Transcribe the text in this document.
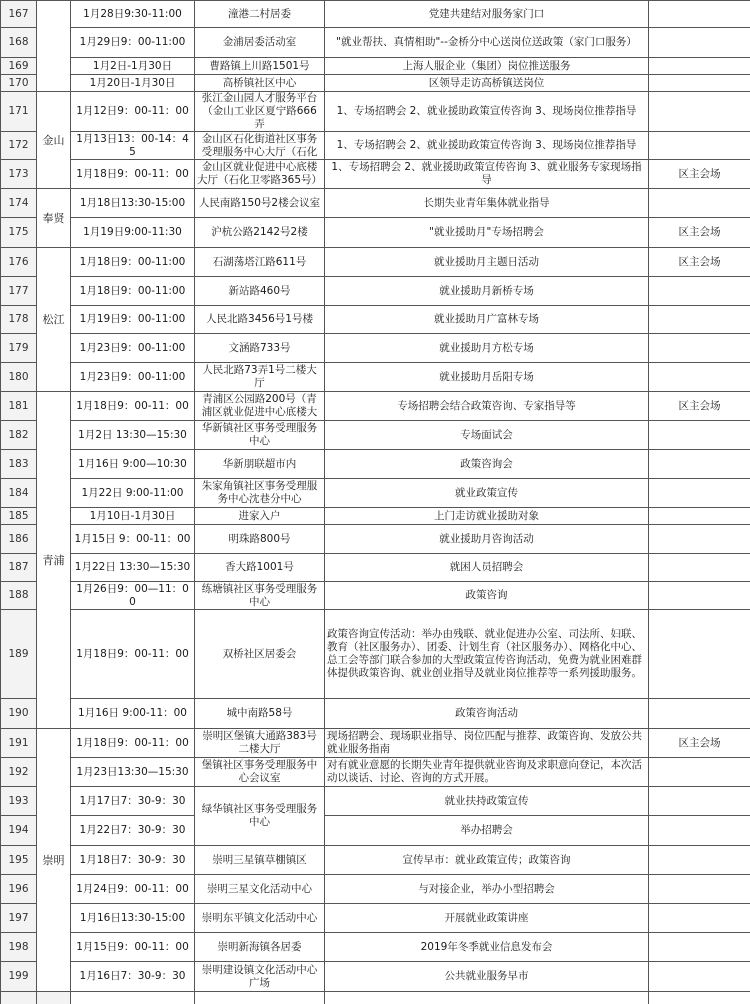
167		1月28日9:30-11:00	潼港二村居委	党建共建结对服务家门口	
168		1月29日9：00-11:00	金浦居委活动室	"就业帮扶、真情相助"--金桥分中心送岗位送政策（家门口服务）	
169		1月2日-1月30日	曹路镇上川路1501号	上海人服企业（集团）岗位推送服务	
170		1月20日-1月30日	高桥镇社区中心	区领导走访高桥镇送岗位	
171	金山	1月12日9：00-11：00	张江金山园人才服务平台（金山工业区夏宁路666弄	1、专场招聘会 2、就业援助政策宣传咨询 3、现场岗位推荐指导	
172		1月13日13：00-14：45	金山区石化街道社区事务受理服务中心大厅（石化	1、专场招聘会 2、就业援助政策宣传咨询 3、现场岗位推荐指导	
173		1月18日9：00-11：00	金山区就业促进中心底楼大厅（石化卫零路365号）	1、专场招聘会 2、就业援助政策宣传咨询 3、就业服务专家现场指导	区主会场
174	奉贤	1月18日13:30-15:00	人民南路150号2楼会议室	长期失业青年集体就业指导	
175		1月19日9:00-11:30	沪杭公路2142号2楼	"就业援助月"专场招聘会	区主会场
176	松江	1月18日9：00-11:00	石湖荡塔江路611号	就业援助月主题日活动	区主会场
177		1月18日9：00-11:00	新站路460号	就业援助月新桥专场	
178		1月19日9：00-11:00	人民北路3456号1号楼	就业援助月广富林专场	
179		1月23日9：00-11:00	文涵路733号	就业援助月方松专场	
180		1月23日9：00-11:00	人民北路73弄1号二楼大厅	就业援助月岳阳专场	
181	青浦	1月18日9：00-11：00	青浦区公园路200号（青浦区就业促进中心底楼大	专场招聘会结合政策咨询、专家指导等	区主会场
182		1月2日 13:30—15:30	华新镇社区事务受理服务中心	专场面试会	
183		1月16日 9:00—10:30	华新朋联超市内	政策咨询会	
184		1月22日 9:00-11:00	朱家角镇社区事务受理服务中心沈巷分中心	就业政策宣传	
185		1月10日-1月30日	进家入户	上门走访就业援助对象	
186		1月15日 9：00-11：00	明珠路800号	就业援助月咨询活动	
187		1月22日 13:30—15:30	香大路1001号	就困人员招聘会	
188		1月26日9：00—11：00	练塘镇社区事务受理服务中心	政策咨询	
189		1月18日9：00-11：00	双桥社区居委会	政策咨询宣传活动：举办由残联、就业促进办公室、司法所、妇联、教育（社区服务办）、团委、计划生育（社区服务办）、网格化中心、总工会等部门联合参加的大型政策宣传咨询活动，免费为就业困难群体提供政策咨询、就业创业指导及就业岗位推荐等一系列援助服务。	
190		1月16日 9:00-11：00	城中南路58号	政策咨询活动	
191	崇明	1月18日9：00-11：00	崇明区堡镇大通路383号二楼大厅	现场招聘会、现场职业指导、岗位匹配与推荐、政策咨询、发放公共就业服务指南	区主会场
192		1月23日13:30—15:30	堡镇社区事务受理服务中心会议室	对有就业意愿的长期失业青年提供就业咨询及求职意向登记，本次活动以谈话、讨论、咨询的方式开展。	
193		1月17日7：30-9：30	绿华镇社区事务受理服务中心	就业扶持政策宣传	
194		1月22日7：30-9：30		举办招聘会	
195		1月18日7：30-9：30	崇明三星镇草棚镇区	宣传早市：就业政策宣传；政策咨询	
196		1月24日9：00-11：00	崇明三星文化活动中心	与对接企业，举办小型招聘会	
197		1月16日13:30-15:00	崇明东平镇文化活动中心	开展就业政策讲座	
198		1月15日9：00-11：00	崇明新海镇各居委	2019年冬季就业信息发布会	
199		1月16日7：30-9：30	崇明建设镇文化活动中心广场	公共就业服务早市	
